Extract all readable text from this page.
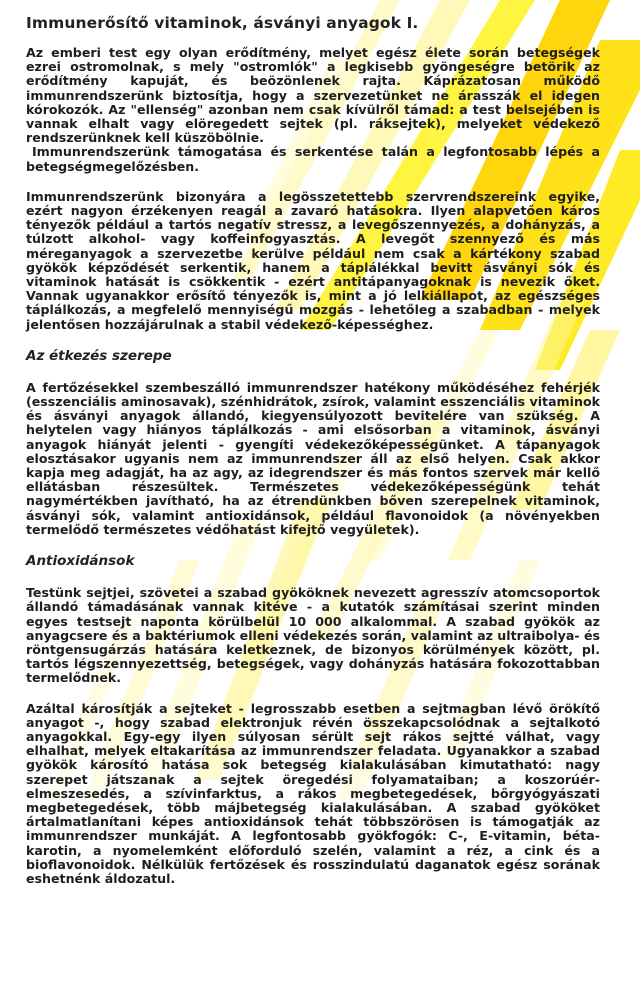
Immunerősítő vitaminok, ásványi anyagok I.
Az emberi test egy olyan erődítmény, melyet egész élete során betegségek ezrei ostromolnak, s mely "ostromlók" a legkisebb gyöngeségre betörik az erődítmény kapuját, és beözönlenek rajta. Káprázatosan működő immunrendszerünk biztosítja, hogy a szervezetünket ne árasszák el idegen kórokozók. Az "ellenség" azonban nem csak kívülről támad: a test belsejében is vannak elhalt vagy elöregedett sejtek (pl. ráksejtek), melyeket védekező rendszerünknek kell küszöbölnie.
Immunrendszerünk támogatása és serkentése talán a legfontosabb lépés a betegségmegelőzésben.

Immunrendszerünk bizonyára a legösszetettebb szervrendszereink egyike, ezért nagyon érzékenyen reagál a zavaró hatásokra. Ilyen alapvetően káros tényezők például a tartós negatív stressz, a levegőszennyezés, a dohányzás, a túlzott alkohol- vagy koffeinfogyasztás. A levegőt szennyező és más méreganyagok a szervezetbe kerülve például nem csak a kártékony szabad gyökök képződését serkentik, hanem a táplálékkal bevitt ásványi sók és vitaminok hatását is csökkentik - ezért antitápanyagoknak is nevezik őket. Vannak ugyanakkor erősítő tényezők is, mint a jó lelkiállapot, az egészséges táplálkozás, a megfelelő mennyiségű mozgás - lehetőleg a szabadban - melyek jelentősen hozzájárulnak a stabil védekező-képességhez.

Az étkezés szerepe

A fertőzésekkel szembeszálló immunrendszer hatékony működéséhez fehérjék (esszenciális aminosavak), szénhidrátok, zsírok, valamint esszenciális vitaminok és ásványi anyagok állandó, kiegyensúlyozott bevitelére van szükség. A helytelen vagy hiányos táplálkozás - ami elsősorban a vitaminok, ásványi anyagok hiányát jelenti - gyengíti védekezőképességünket. A tápanyagok elosztásakor ugyanis nem az immunrendszer áll az első helyen. Csak akkor kapja meg adagját, ha az agy, az idegrendszer és más fontos szervek már kellő ellátásban részesültek. Természetes védekezőképességünk tehát nagymértékben javítható, ha az étrendünkben bőven szerepelnek vitaminok, ásványi sók, valamint antioxidánsok, például flavonoidok (a növényekben termelődő természetes védőhatást kifejtő vegyületek).

Antioxidánsok

Testünk sejtjei, szövetei a szabad gyököknek nevezett agresszív atomcsoportok állandó támadásának vannak kitéve - a kutatók számításai szerint minden egyes testsejt naponta körülbelül 10 000 alkalommal. A szabad gyökök az anyagcsere és a baktériumok elleni védekezés során, valamint az ultraibolya- és röntgensugárzás hatására keletkeznek, de bizonyos körülmények között, pl. tartós légszennyezettség, betegségek, vagy dohányzás hatására fokozottabban termelődnek.

Azáltal károsítják a sejteket - legrosszabb esetben a sejtmagban lévő örökítő anyagot -, hogy szabad elektronjuk révén összekapcsolódnak a sejtalkotó anyagokkal. Egy-egy ilyen súlyosan sérült sejt rákos sejtté válhat, vagy elhalhat, melyek eltakarítása az immunrendszer feladata. Ugyanakkor a szabad gyökök károsító hatása sok betegség kialakulásában kimutatható: nagy szerepet játszanak a sejtek öregedési folyamataiban; a koszorúér-elmeszesedés, a szívinfarktus, a rákos megbetegedések, bőrgyógyászati megbetegedések, több májbetegség kialakulásában. A szabad gyököket ártalmatlanítani képes antioxidánsok tehát többszörösen is támogatják az immunrendszer munkáját. A legfontosabb gyökfogók: C-, E-vitamin, béta-karotin, a nyomelemként előforduló szelén, valamint a réz, a cink és a bioflavonoidok. Nélkülük fertőzések és rosszindulatú daganatok egész sorának eshetnénk áldozatul.
